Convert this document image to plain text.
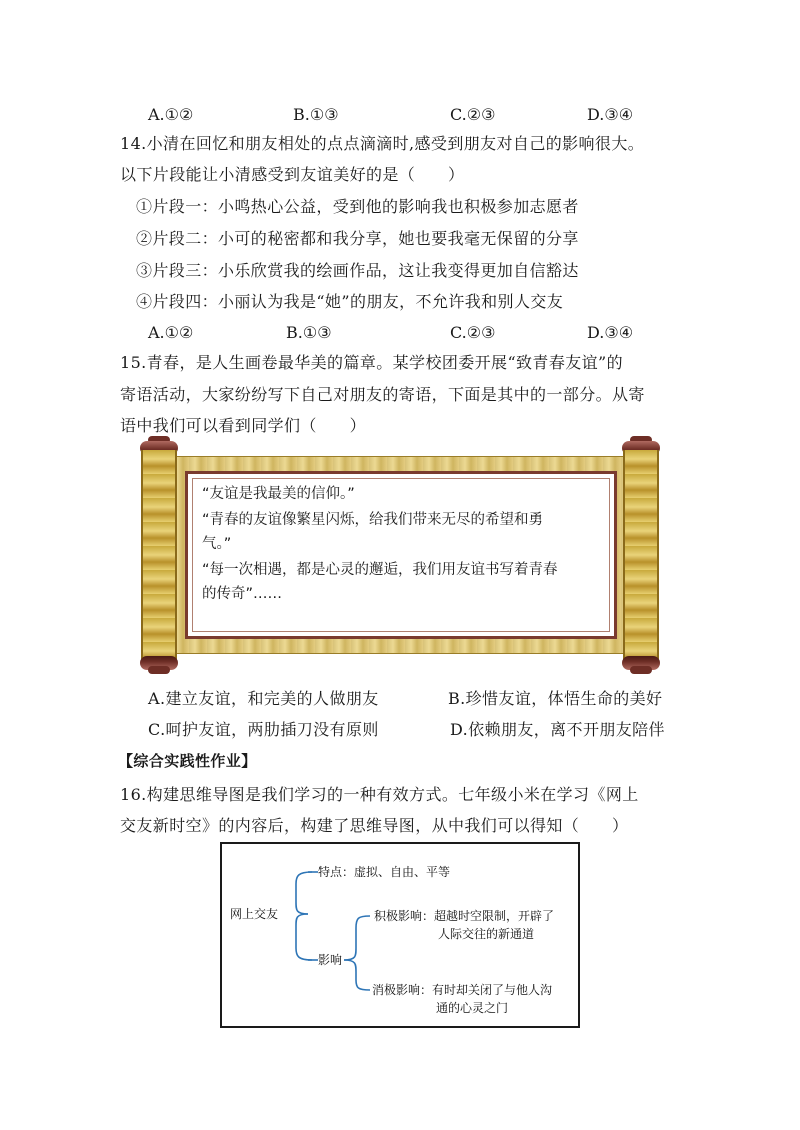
A.①②	B.①③	C.②③	D.③④
14.小清在回忆和朋友相处的点点滴滴时,感受到朋友对自己的影响很大。
以下片段能让小清感受到友谊美好的是（　　）
①片段一：小鸣热心公益，受到他的影响我也积极参加志愿者
②片段二：小可的秘密都和我分享，她也要我毫无保留的分享
③片段三：小乐欣赏我的绘画作品，这让我变得更加自信豁达
④片段四：小丽认为我是“她”的朋友，不允许我和别人交友
A.①②	B.①③	C.②③	D.③④
15.青春，是人生画卷最华美的篇章。某学校团委开展“致青春友谊”的
寄语活动，大家纷纷写下自己对朋友的寄语，下面是其中的一部分。从寄
语中我们可以看到同学们（　　）
“友谊是我最美的信仰。”
“青春的友谊像繁星闪烁，给我们带来无尽的希望和勇
气。”
“每一次相遇，都是心灵的邂逅，我们用友谊书写着青春
的传奇”……
A.建立友谊，和完美的人做朋友	B.珍惜友谊，体悟生命的美好
C.呵护友谊，两肋插刀没有原则	D.依赖朋友，离不开朋友陪伴
【综合实践性作业】
16.构建思维导图是我们学习的一种有效方式。七年级小米在学习《网上
交友新时空》的内容后，构建了思维导图，从中我们可以得知（　　）
网上交友
特点：虚拟、自由、平等
影响
积极影响：超越时空限制，开辟了
人际交往的新通道
消极影响：有时却关闭了与他人沟
通的心灵之门
